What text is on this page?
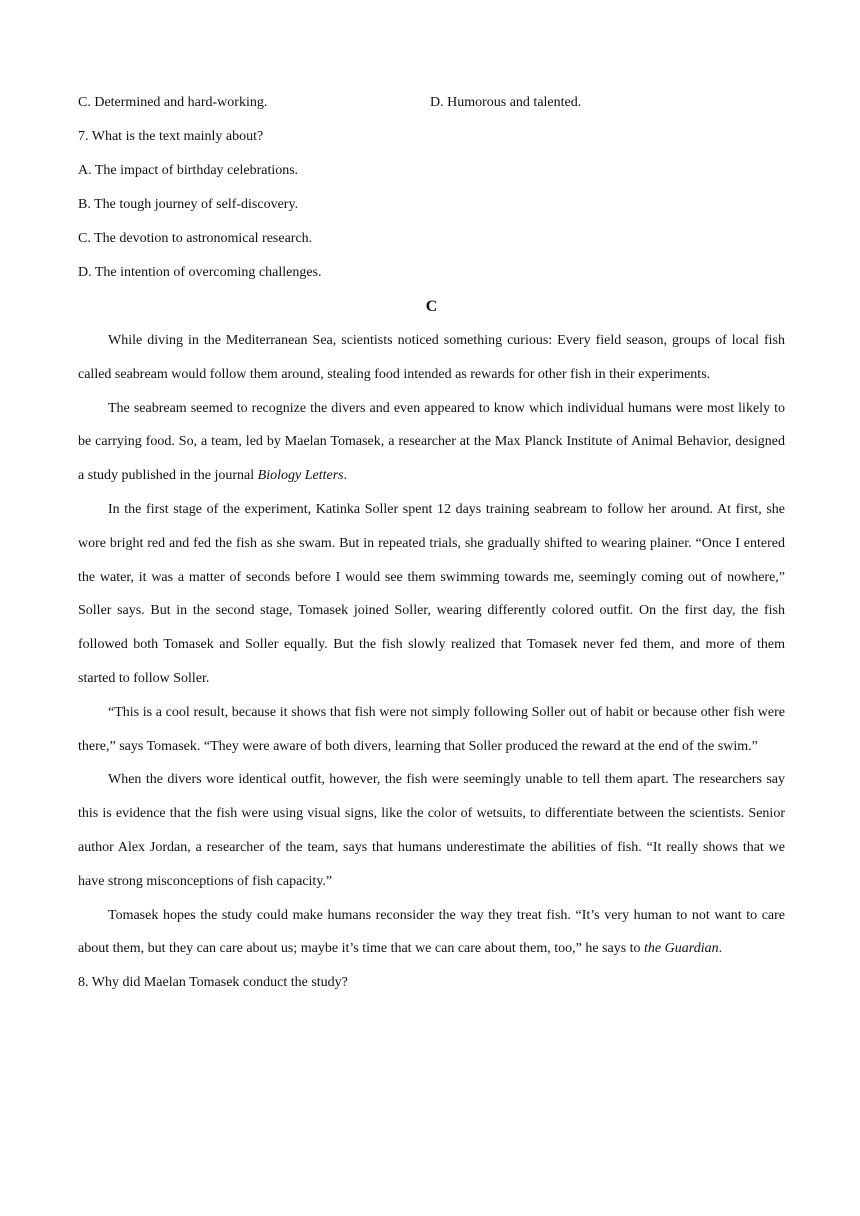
C. Determined and hard-working.	D. Humorous and talented.
7. What is the text mainly about?
A. The impact of birthday celebrations.
B. The tough journey of self-discovery.
C. The devotion to astronomical research.
D. The intention of overcoming challenges.
C

While diving in the Mediterranean Sea, scientists noticed something curious: Every field season, groups of local fish called seabream would follow them around, stealing food intended as rewards for other fish in their experiments.

The seabream seemed to recognize the divers and even appeared to know which individual humans were most likely to be carrying food. So, a team, led by Maelan Tomasek, a researcher at the Max Planck Institute of Animal Behavior, designed a study published in the journal Biology Letters.

In the first stage of the experiment, Katinka Soller spent 12 days training seabream to follow her around. At first, she wore bright red and fed the fish as she swam. But in repeated trials, she gradually shifted to wearing plainer. “Once I entered the water, it was a matter of seconds before I would see them swimming towards me, seemingly coming out of nowhere,” Soller says. But in the second stage, Tomasek joined Soller, wearing differently colored outfit. On the first day, the fish followed both Tomasek and Soller equally. But the fish slowly realized that Tomasek never fed them, and more of them started to follow Soller.

“This is a cool result, because it shows that fish were not simply following Soller out of habit or because other fish were there,” says Tomasek. “They were aware of both divers, learning that Soller produced the reward at the end of the swim.”

When the divers wore identical outfit, however, the fish were seemingly unable to tell them apart. The researchers say this is evidence that the fish were using visual signs, like the color of wetsuits, to differentiate between the scientists. Senior author Alex Jordan, a researcher of the team, says that humans underestimate the abilities of fish. “It really shows that we have strong misconceptions of fish capacity.”

Tomasek hopes the study could make humans reconsider the way they treat fish. “It’s very human to not want to care about them, but they can care about us; maybe it’s time that we can care about them, too,” he says to the Guardian.

8. Why did Maelan Tomasek conduct the study?
